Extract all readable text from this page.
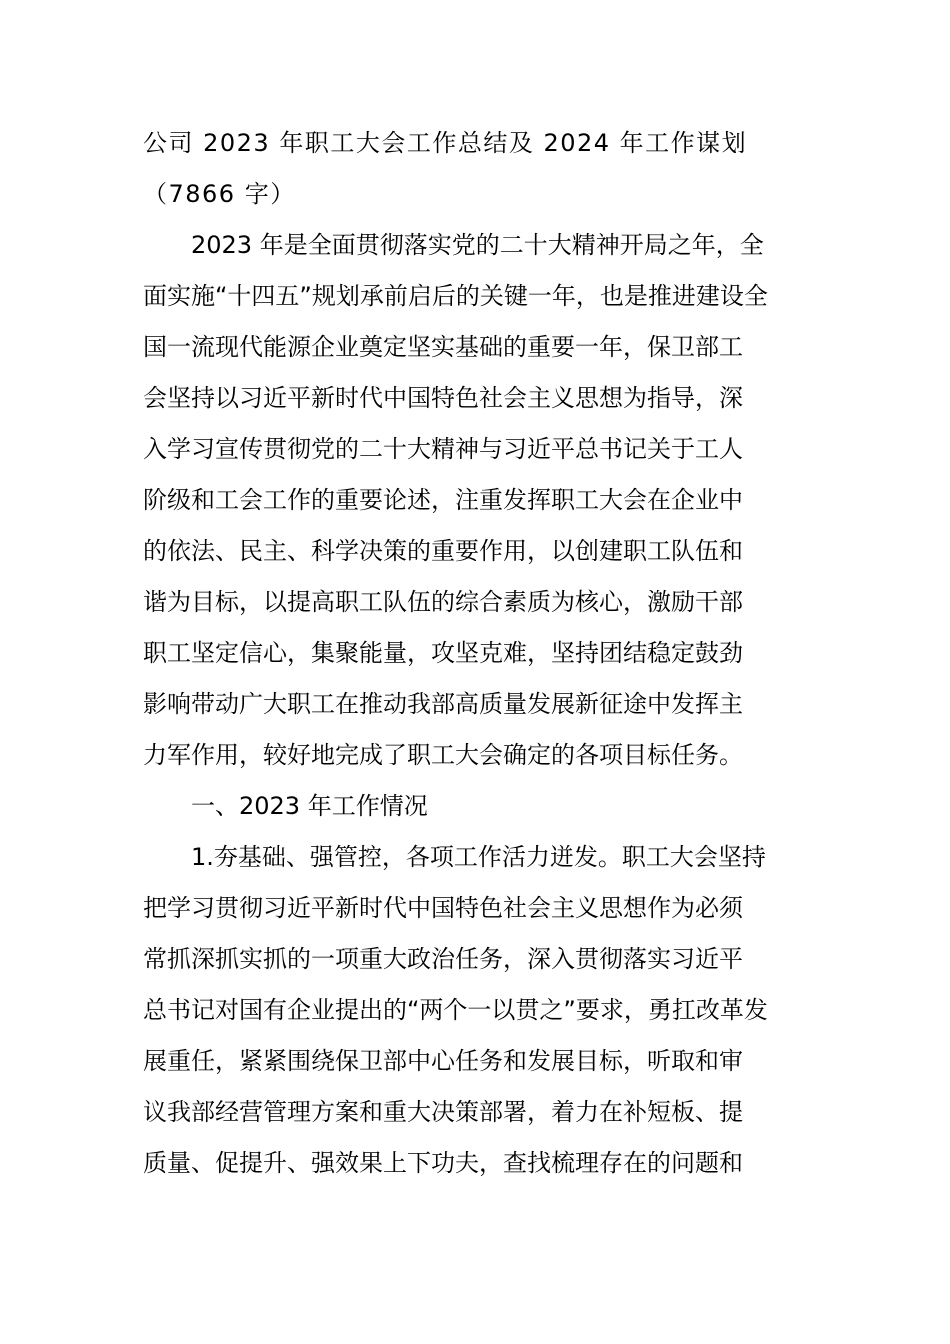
公司 2023 年职工大会工作总结及 2024 年工作谋划
（7866 字）
2023 年是全面贯彻落实党的二十大精神开局之年，全
面实施“十四五”规划承前启后的关键一年，也是推进建设全
国一流现代能源企业奠定坚实基础的重要一年，保卫部工
会坚持以习近平新时代中国特色社会主义思想为指导，深
入学习宣传贯彻党的二十大精神与习近平总书记关于工人
阶级和工会工作的重要论述，注重发挥职工大会在企业中
的依法、民主、科学决策的重要作用，以创建职工队伍和
谐为目标，以提高职工队伍的综合素质为核心，激励干部
职工坚定信心，集聚能量，攻坚克难，坚持团结稳定鼓劲
影响带动广大职工在推动我部高质量发展新征途中发挥主
力军作用，较好地完成了职工大会确定的各项目标任务。
一、2023 年工作情况
1.夯基础、强管控，各项工作活力迸发。职工大会坚持
把学习贯彻习近平新时代中国特色社会主义思想作为必须
常抓深抓实抓的一项重大政治任务，深入贯彻落实习近平
总书记对国有企业提出的“两个一以贯之”要求，勇扛改革发
展重任，紧紧围绕保卫部中心任务和发展目标，听取和审
议我部经营管理方案和重大决策部署，着力在补短板、提
质量、促提升、强效果上下功夫，查找梳理存在的问题和
